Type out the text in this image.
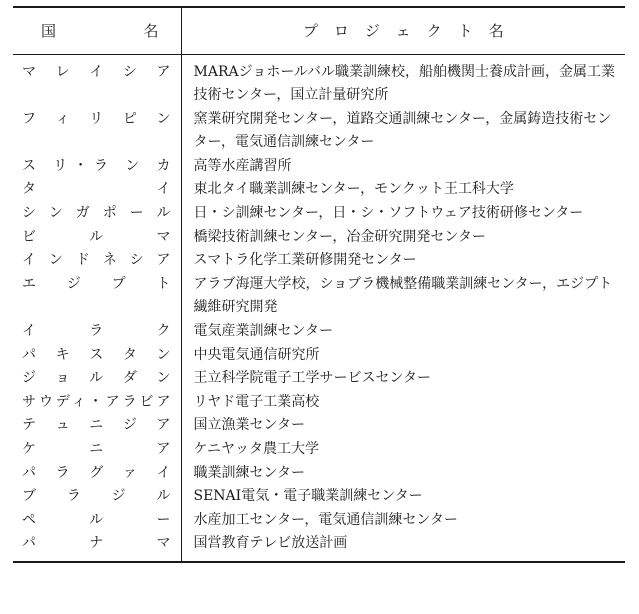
国 名	プロジェクト名

マ レ イ シ ア	MARAジョホールバル職業訓練校，船舶機関士養成計画，金属工業技術センター，国立計量研究所

フ ィ リ ピ ン	窯業研究開発センター，道路交通訓練センター，金属鋳造技術センター，電気通信訓練センター

ス リ・ラ ン カ	高等水産講習所

タ イ	東北タイ職業訓練センター，モンクット王工科大学

シ ン ガ ポ ー ル	日・シ訓練センター，日・シ・ソフトウェア技術研修センター

ビ ル マ	橋梁技術訓練センター，冶金研究開発センター

イ ン ド ネ シ ア	スマトラ化学工業研修開発センター

エ ジ プ ト	アラブ海運大学校，ショブラ機械整備職業訓練センター，エジプト繊維研究開発

イ ラ ク	電気産業訓練センター

パ キ ス タ ン	中央電気通信研究所

ジ ョ ル ダ ン	王立科学院電子工学サービスセンター

サウディ・アラビア	リヤド電子工業高校

テ ュ ニ ジ ア	国立漁業センター

ケ ニ ア	ケニヤッタ農工大学

パ ラ グ ァ イ	職業訓練センター

ブ ラ ジ ル	SENAI電気・電子職業訓練センター

ペ ル ー	水産加工センター，電気通信訓練センター

パ ナ マ	国営教育テレビ放送計画
